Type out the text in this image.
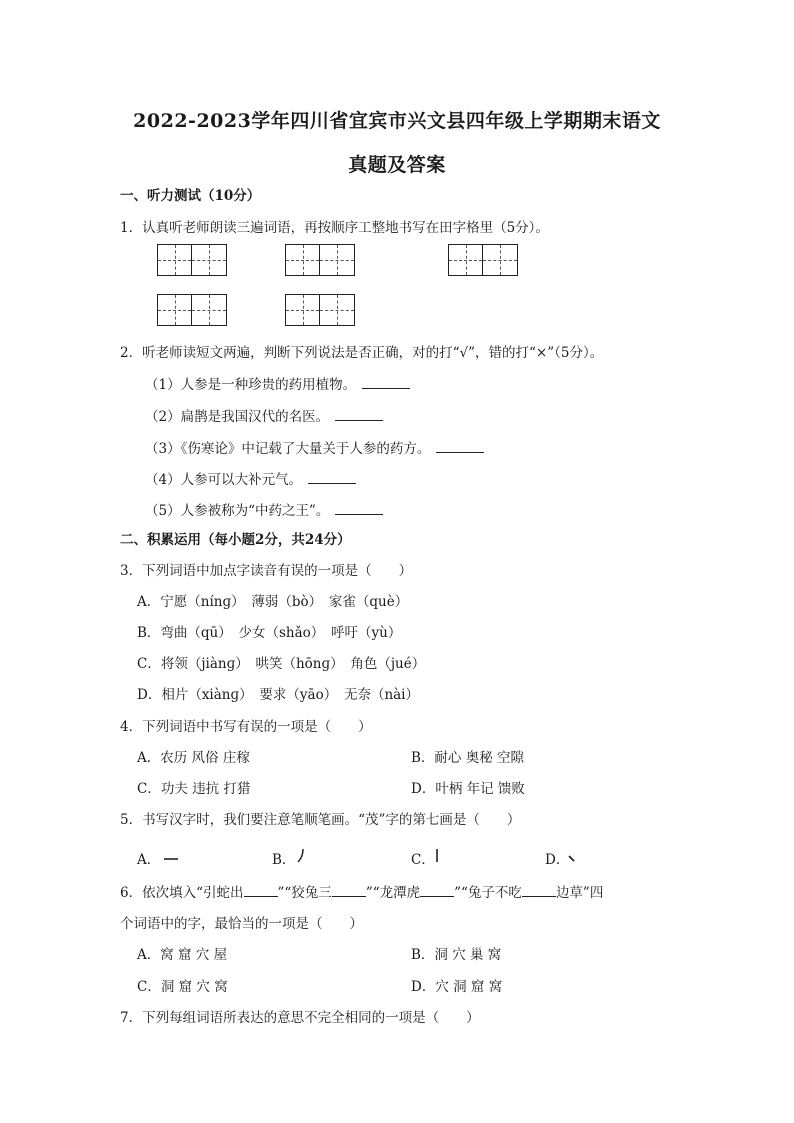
2022-2023学年四川省宜宾市兴文县四年级上学期期末语文
真题及答案
一、听力测试（10分）
1．认真听老师朗读三遍词语，再按顺序工整地书写在田字格里（5分）。
2．听老师读短文两遍，判断下列说法是否正确，对的打“√”，错的打“×”（5分）。
（1）人参是一种珍贵的药用植物。
（2）扁鹊是我国汉代的名医。
（3）《伤寒论》中记载了大量关于人参的药方。
（4）人参可以大补元气。
（5）人参被称为“中药之王”。
二、积累运用（每小题2分，共24分）
3．下列词语中加点字读音有误的一项是（　　）
A．宁愿（nínɡ）　薄弱（bò）　家雀（què）
B．弯曲（qū）　少女（shǎo）　呼吁（yù）
C．将领（jiànɡ）　哄笑（hōnɡ）　角色（jué）
D．相片（xiànɡ）　要求（yāo）　无奈（nài）
4．下列词语中书写有误的一项是（　　）
A．农历 风俗 庄稼	B．耐心 奥秘 空隙
C．功夫 违抗 打猎	D．叶柄 年记 馈败
5．书写汉字时，我们要注意笔顺笔画。“茂”字的第七画是（　　）
A．	B．	C．	D．
6．依次填入“引蛇出	”“狡兔三	”“龙潭虎	”“兔子不吃	边草”四
个词语中的字，最恰当的一项是（　　）
A．窝 窟 穴 屋	B．洞 穴 巢 窝
C．洞 窟 穴 窝	D．穴 洞 窟 窝
7．下列每组词语所表达的意思不完全相同的一项是（　　）
